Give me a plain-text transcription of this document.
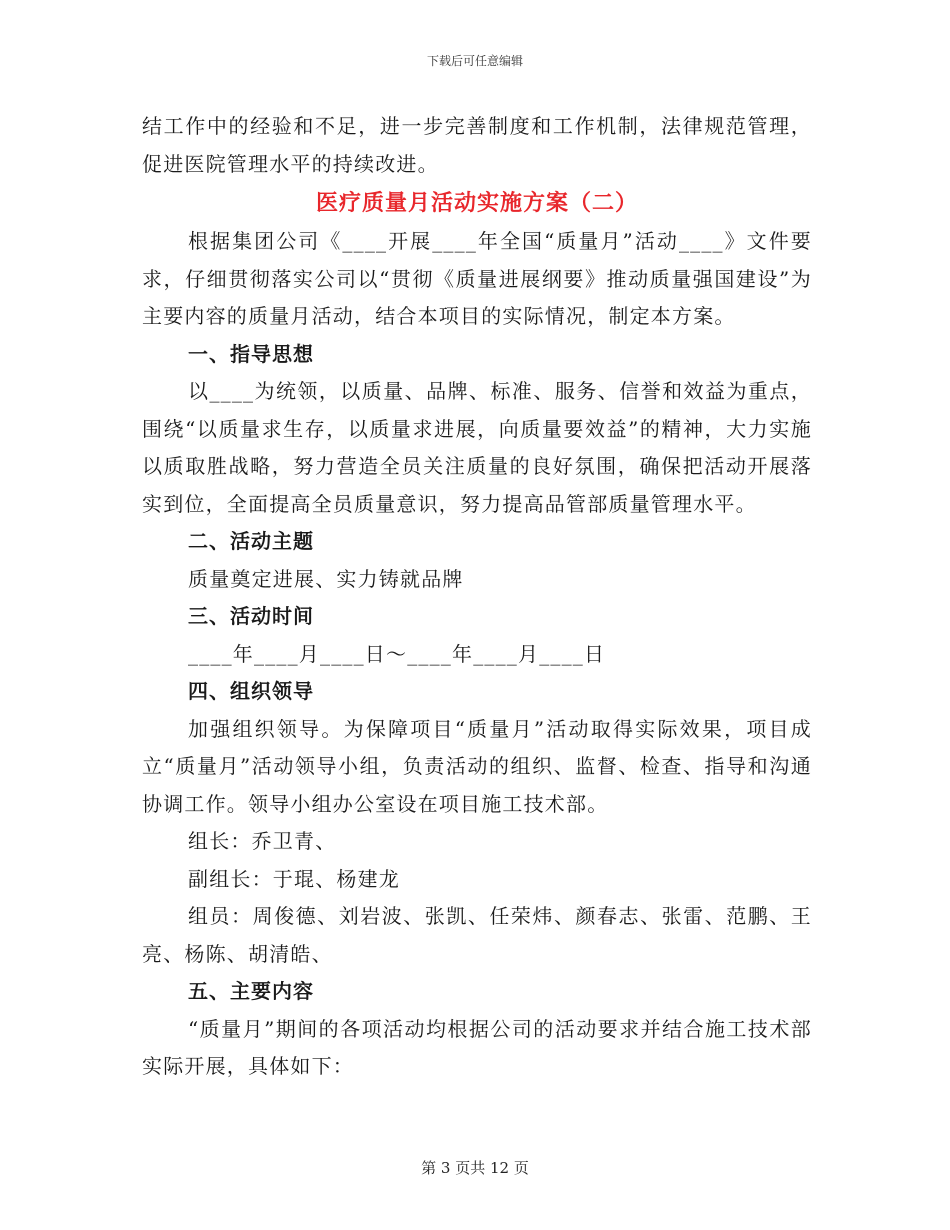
下载后可任意编辑

结工作中的经验和不足，进一步完善制度和工作机制，法律规范管理，促进医院管理水平的持续改进。

医疗质量月活动实施方案（二）

根据集团公司《____开展____年全国“质量月”活动____》文件要求，仔细贯彻落实公司以“贯彻《质量进展纲要》推动质量强国建设”为主要内容的质量月活动，结合本项目的实际情况，制定本方案。

一、指导思想

以____为统领，以质量、品牌、标准、服务、信誉和效益为重点，围绕“以质量求生存，以质量求进展，向质量要效益”的精神，大力实施以质取胜战略，努力营造全员关注质量的良好氛围，确保把活动开展落实到位，全面提高全员质量意识，努力提高品管部质量管理水平。

二、活动主题

质量奠定进展、实力铸就品牌

三、活动时间

____年____月____日～____年____月____日

四、组织领导

加强组织领导。为保障项目“质量月”活动取得实际效果，项目成立“质量月”活动领导小组，负责活动的组织、监督、检查、指导和沟通协调工作。领导小组办公室设在项目施工技术部。

组长：乔卫青、

副组长：于琨、杨建龙

组员：周俊德、刘岩波、张凯、任荣炜、颜春志、张雷、范鹏、王亮、杨陈、胡清皓、

五、主要内容

“质量月”期间的各项活动均根据公司的活动要求并结合施工技术部实际开展，具体如下：

第 3 页共 12 页
